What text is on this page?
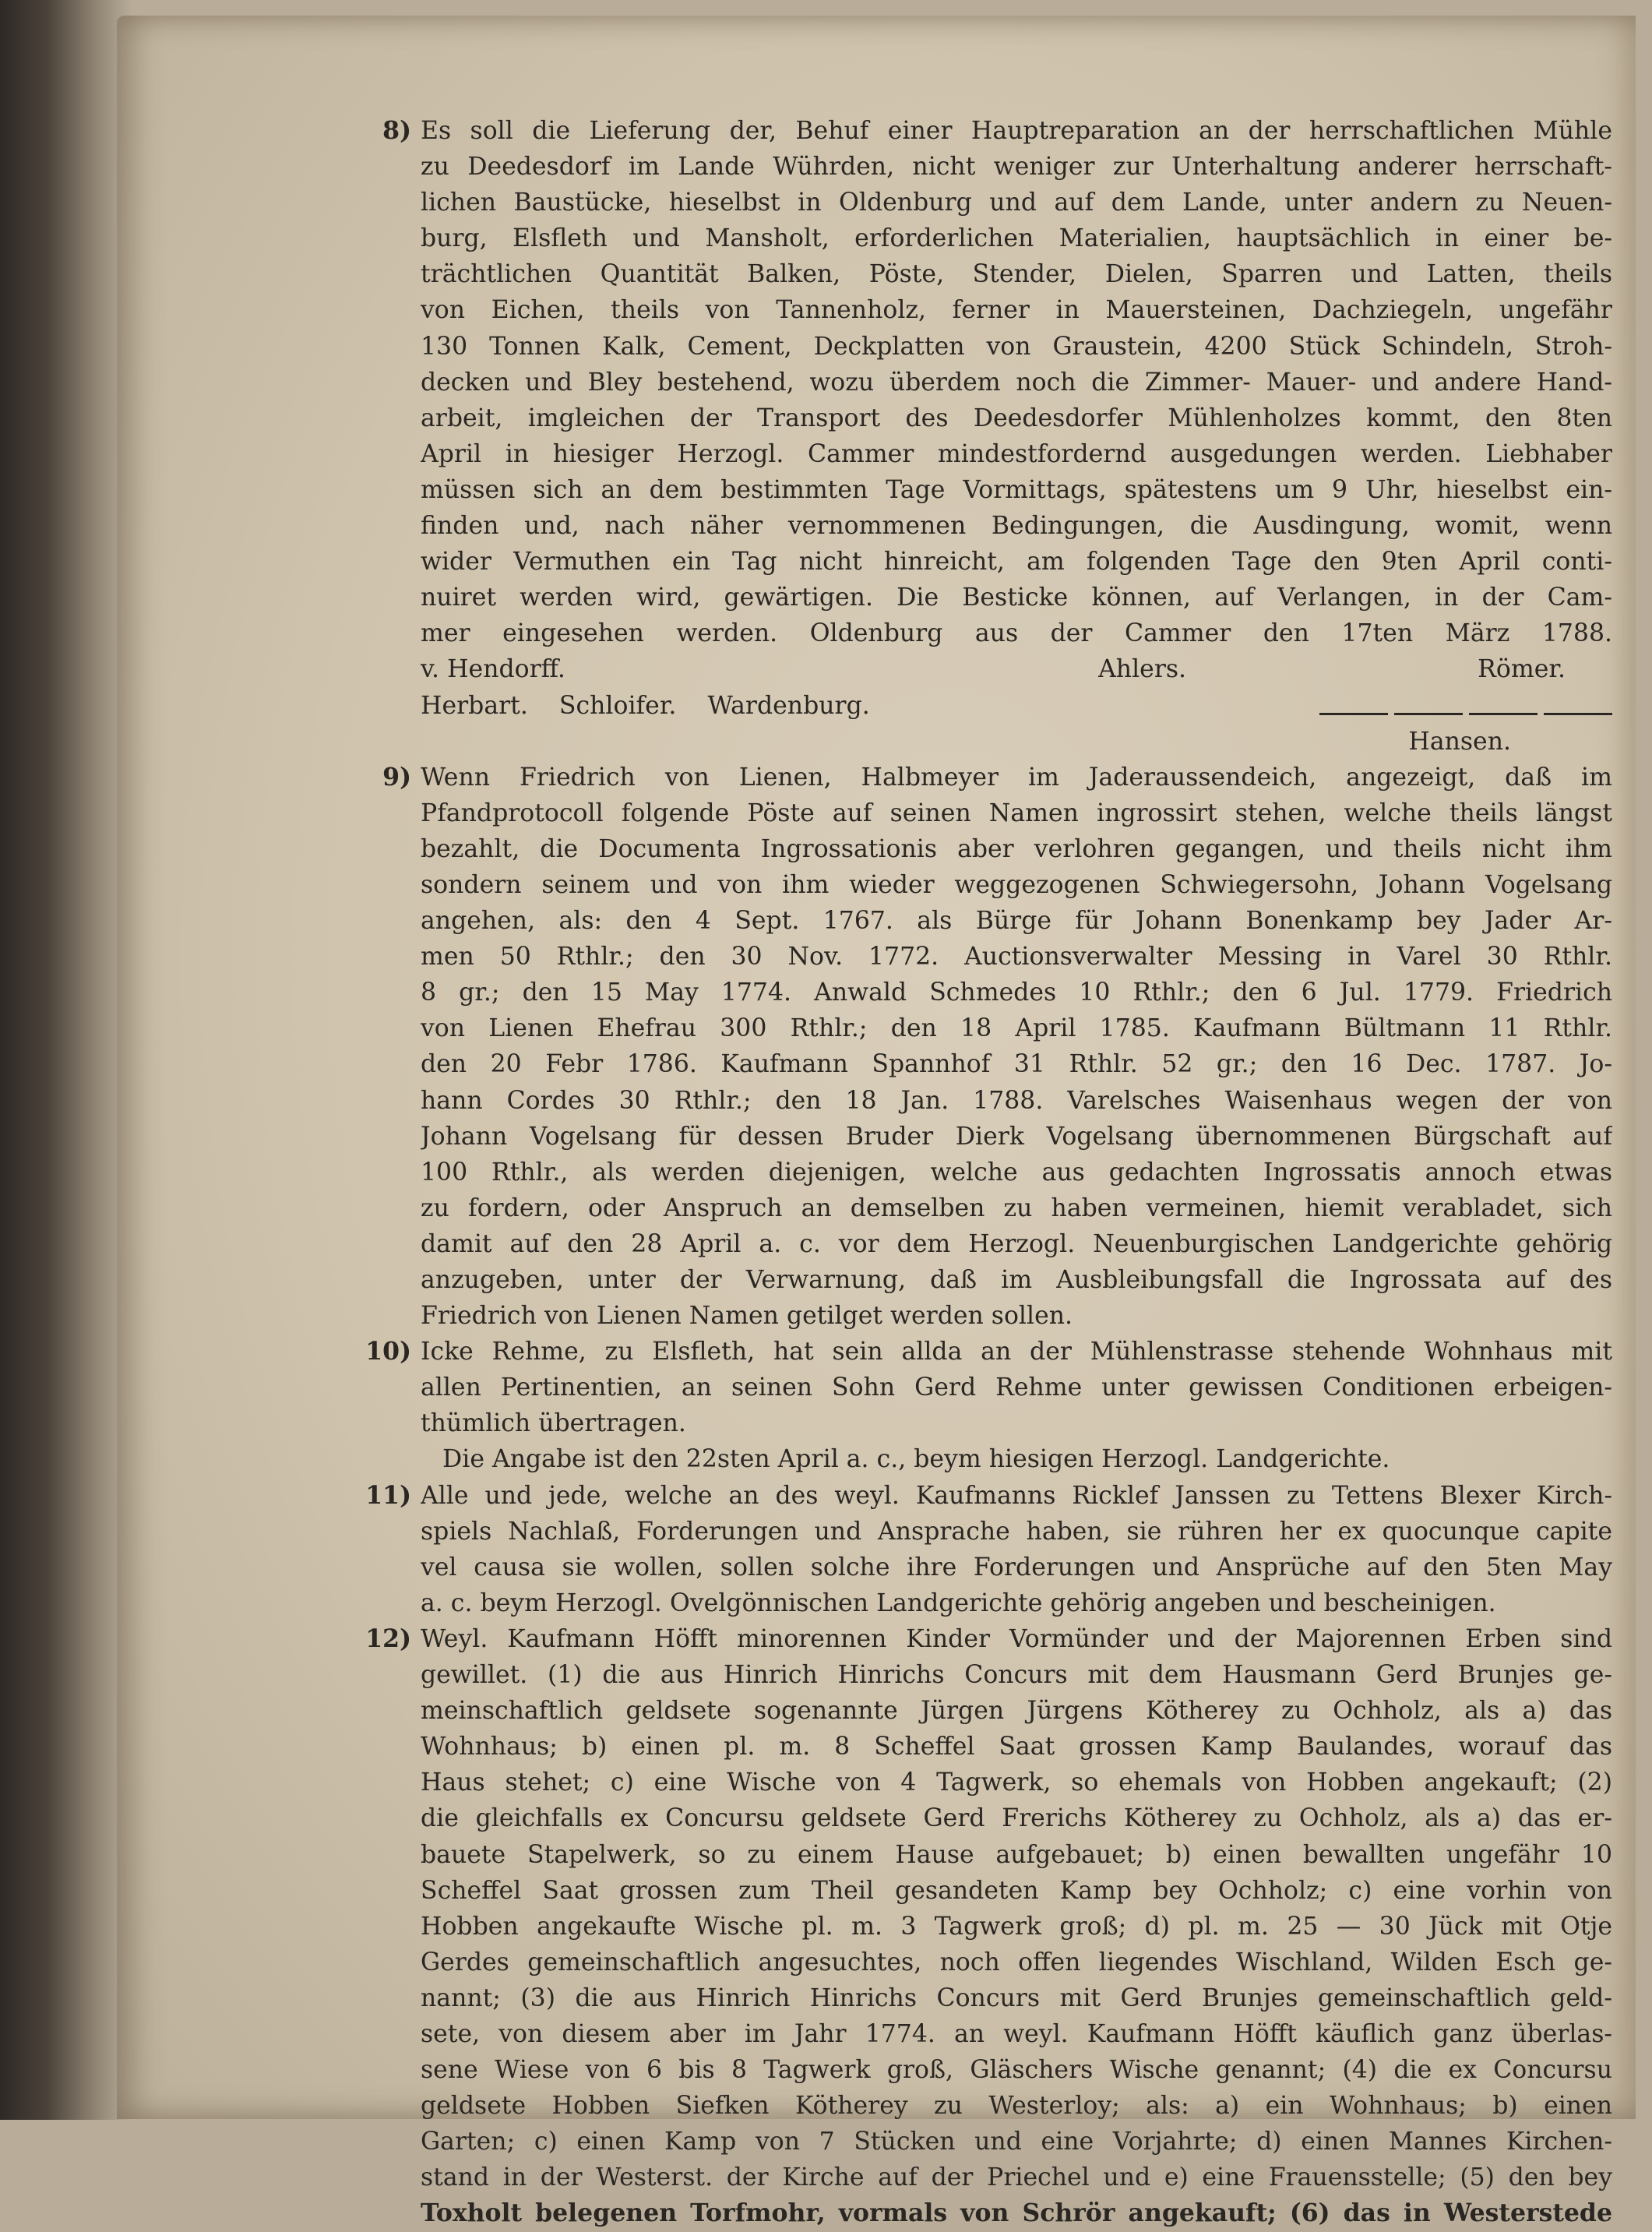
8) Es soll die Lieferung der, Behuf einer Hauptreparation an der herrschaftlichen Mühle
zu Deedesdorf im Lande Wührden, nicht weniger zur Unterhaltung anderer herrschaft-
lichen Baustücke, hieselbst in Oldenburg und auf dem Lande, unter andern zu Neuen-
burg, Elsfleth und Mansholt, erforderlichen Materialien, hauptsächlich in einer be-
trächtlichen Quantität Balken, Pöste, Stender, Dielen, Sparren und Latten, theils
von Eichen, theils von Tannenholz, ferner in Mauersteinen, Dachziegeln, ungefähr
130 Tonnen Kalk, Cement, Deckplatten von Graustein, 4200 Stück Schindeln, Stroh-
decken und Bley bestehend, wozu überdem noch die Zimmer- Mauer- und andere Hand-
arbeit, imgleichen der Transport des Deedesdorfer Mühlenholzes kommt, den 8ten
April in hiesiger Herzogl. Cammer mindestfordernd ausgedungen werden. Liebhaber
müssen sich an dem bestimmten Tage Vormittags, spätestens um 9 Uhr, hieselbst ein-
finden und, nach näher vernommenen Bedingungen, die Ausdingung, womit, wenn
wider Vermuthen ein Tag nicht hinreicht, am folgenden Tage den 9ten April conti-
nuiret werden wird, gewärtigen. Die Besticke können, auf Verlangen, in der Cam-
mer eingesehen werden. Oldenburg aus der Cammer den 17ten März 1788.
v. Hendorff.	Ahlers.	Römer.
Herbart. Schloifer. Wardenburg.
Hansen.
9) Wenn Friedrich von Lienen, Halbmeyer im Jaderaussendeich, angezeigt, daß im
Pfandprotocoll folgende Pöste auf seinen Namen ingrossirt stehen, welche theils längst
bezahlt, die Documenta Ingrossationis aber verlohren gegangen, und theils nicht ihm
sondern seinem und von ihm wieder weggezogenen Schwiegersohn, Johann Vogelsang
angehen, als: den 4 Sept. 1767. als Bürge für Johann Bonenkamp bey Jader Ar-
men 50 Rthlr.; den 30 Nov. 1772. Auctionsverwalter Messing in Varel 30 Rthlr.
8 gr.; den 15 May 1774. Anwald Schmedes 10 Rthlr.; den 6 Jul. 1779. Friedrich
von Lienen Ehefrau 300 Rthlr.; den 18 April 1785. Kaufmann Bültmann 11 Rthlr.
den 20 Febr 1786. Kaufmann Spannhof 31 Rthlr. 52 gr.; den 16 Dec. 1787. Jo-
hann Cordes 30 Rthlr.; den 18 Jan. 1788. Varelsches Waisenhaus wegen der von
Johann Vogelsang für dessen Bruder Dierk Vogelsang übernommenen Bürgschaft auf
100 Rthlr., als werden diejenigen, welche aus gedachten Ingrossatis annoch etwas
zu fordern, oder Anspruch an demselben zu haben vermeinen, hiemit verabladet, sich
damit auf den 28 April a. c. vor dem Herzogl. Neuenburgischen Landgerichte gehörig
anzugeben, unter der Verwarnung, daß im Ausbleibungsfall die Ingrossata auf des
Friedrich von Lienen Namen getilget werden sollen.
10) Icke Rehme, zu Elsfleth, hat sein allda an der Mühlenstrasse stehende Wohnhaus mit
allen Pertinentien, an seinen Sohn Gerd Rehme unter gewissen Conditionen erbeigen-
thümlich übertragen.
Die Angabe ist den 22sten April a. c., beym hiesigen Herzogl. Landgerichte.
11) Alle und jede, welche an des weyl. Kaufmanns Ricklef Janssen zu Tettens Blexer Kirch-
spiels Nachlaß, Forderungen und Ansprache haben, sie rühren her ex quocunque capite
vel causa sie wollen, sollen solche ihre Forderungen und Ansprüche auf den 5ten May
a. c. beym Herzogl. Ovelgönnischen Landgerichte gehörig angeben und bescheinigen.
12) Weyl. Kaufmann Höfft minorennen Kinder Vormünder und der Majorennen Erben sind
gewillet. (1) die aus Hinrich Hinrichs Concurs mit dem Hausmann Gerd Brunjes ge-
meinschaftlich geldsete sogenannte Jürgen Jürgens Kötherey zu Ochholz, als a) das
Wohnhaus; b) einen pl. m. 8 Scheffel Saat grossen Kamp Baulandes, worauf das
Haus stehet; c) eine Wische von 4 Tagwerk, so ehemals von Hobben angekauft; (2)
die gleichfalls ex Concursu geldsete Gerd Frerichs Kötherey zu Ochholz, als a) das er-
bauete Stapelwerk, so zu einem Hause aufgebauet; b) einen bewallten ungefähr 10
Scheffel Saat grossen zum Theil gesandeten Kamp bey Ochholz; c) eine vorhin von
Hobben angekaufte Wische pl. m. 3 Tagwerk groß; d) pl. m. 25 — 30 Jück mit Otje
Gerdes gemeinschaftlich angesuchtes, noch offen liegendes Wischland, Wilden Esch ge-
nannt; (3) die aus Hinrich Hinrichs Concurs mit Gerd Brunjes gemeinschaftlich geld-
sete, von diesem aber im Jahr 1774. an weyl. Kaufmann Höfft käuflich ganz überlas-
sene Wiese von 6 bis 8 Tagwerk groß, Gläschers Wische genannt; (4) die ex Concursu
geldsete Hobben Siefken Kötherey zu Westerloy; als: a) ein Wohnhaus; b) einen
Garten; c) einen Kamp von 7 Stücken und eine Vorjahrte; d) einen Mannes Kirchen-
stand in der Westerst. der Kirche auf der Priechel und e) eine Frauensstelle; (5) den bey
Toxholt belegenen Torfmohr, vormals von Schrör angekauft; (6) das in Westerstede
